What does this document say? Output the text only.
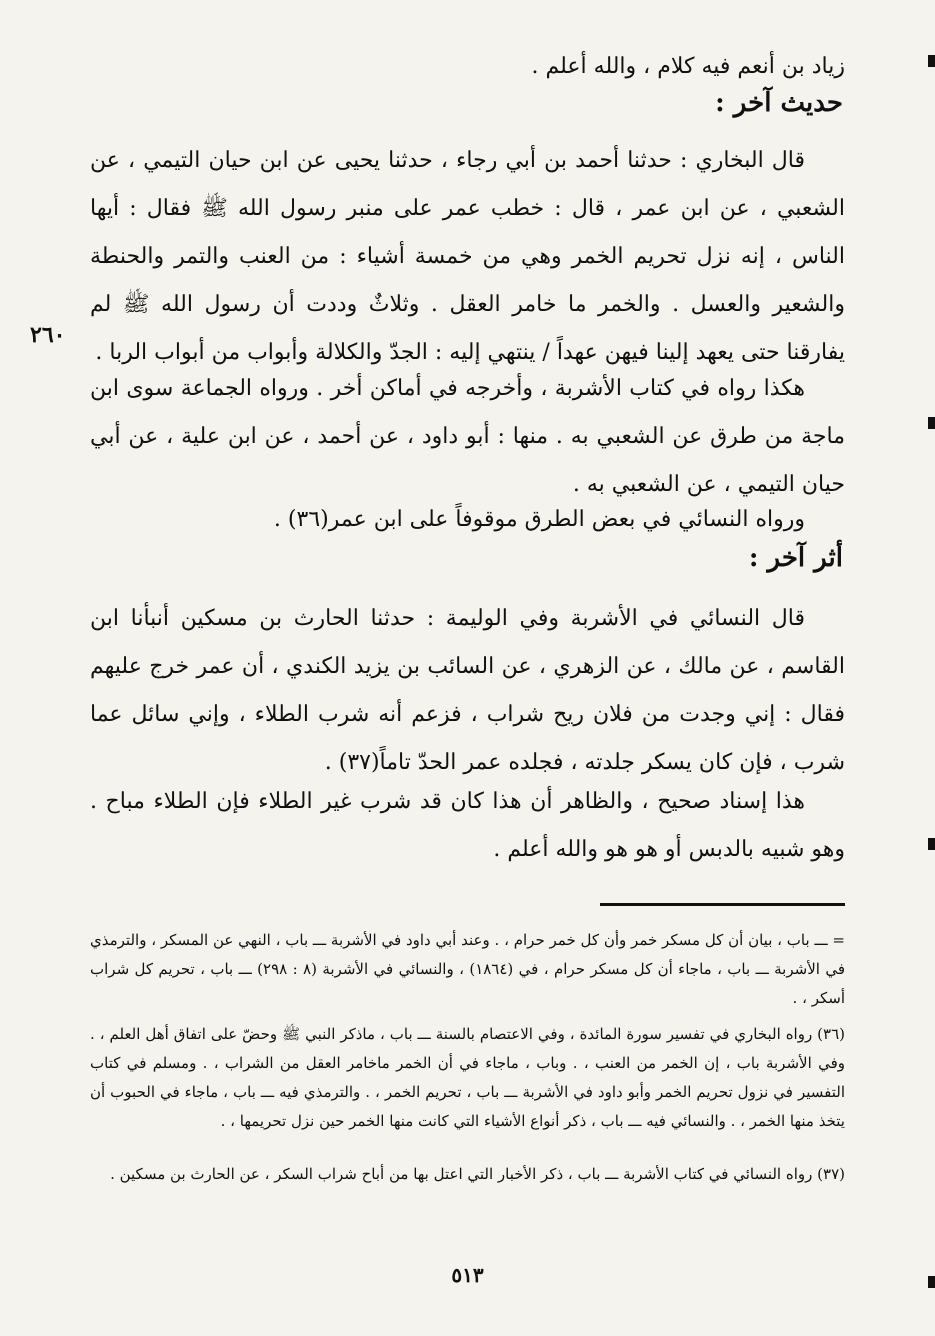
٢٦٠
زياد بن أنعم فيه كلام ، والله أعلم .
حديث آخر :
قال البخاري : حدثنا أحمد بن أبي رجاء ، حدثنا يحيى عن ابن حيان التيمي ، عن الشعبي ، عن ابن عمر ، قال : خطب عمر على منبر رسول الله ﷺ فقال : أيها الناس ، إنه نزل تحريم الخمر وهي من خمسة أشياء : من العنب والتمر والحنطة والشعير والعسل . والخمر ما خامر العقل . وثلاثٌ وددت أن رسول الله ﷺ لم يفارقنا حتى يعهد إلينا فيهن عهداً / ينتهي إليه : الجدّ والكلالة وأبواب من أبواب الربا .
هكذا رواه في كتاب الأشربة ، وأخرجه في أماكن أخر . ورواه الجماعة سوى ابن ماجة من طرق عن الشعبي به . منها : أبو داود ، عن أحمد ، عن ابن علية ، عن أبي حيان التيمي ، عن الشعبي به .
ورواه النسائي في بعض الطرق موقوفاً على ابن عمر(٣٦) .
أثر آخر :
قال النسائي في الأشربة وفي الوليمة : حدثنا الحارث بن مسكين أنبأنا ابن القاسم ، عن مالك ، عن الزهري ، عن السائب بن يزيد الكندي ، أن عمر خرج عليهم فقال : إني وجدت من فلان ريح شراب ، فزعم أنه شرب الطلاء ، وإني سائل عما شرب ، فإن كان يسكر جلدته ، فجلده عمر الحدّ تاماً(٣٧) .
هذا إسناد صحيح ، والظاهر أن هذا كان قد شرب غير الطلاء فإن الطلاء مباح . وهو شبيه بالدبس أو هو هو والله أعلم .
= ـــ باب ، بيان أن كل مسكر خمر وأن كل خمر حرام ، . وعند أبي داود في الأشربة ـــ باب ، النهي عن المسكر ، والترمذي في الأشربة ـــ باب ، ماجاء أن كل مسكر حرام ، في (١٨٦٤) ، والنسائي في الأشربة (٨ : ٢٩٨) ـــ باب ، تحريم كل شراب أسكر ، .
(٣٦) رواه البخاري في تفسير سورة المائدة ، وفي الاعتصام بالسنة ـــ باب ، ماذكر النبي ﷺ وحضّ على اتفاق أهل العلم ، . وفي الأشربة باب ، إن الخمر من العنب ، . وباب ، ماجاء في أن الخمر ماخامر العقل من الشراب ، . ومسلم في كتاب التفسير في نزول تحريم الخمر وأبو داود في الأشربة ـــ باب ، تحريم الخمر ، . والترمذي فيه ـــ باب ، ماجاء في الحبوب أن يتخذ منها الخمر ، . والنسائي فيه ـــ باب ، ذكر أنواع الأشياء التي كانت منها الخمر حين نزل تحريمها ، .
(٣٧) رواه النسائي في كتاب الأشربة ـــ باب ، ذكر الأخبار التي اعتل بها من أباح شراب السكر ، عن الحارث بن مسكين .
٥١٣
